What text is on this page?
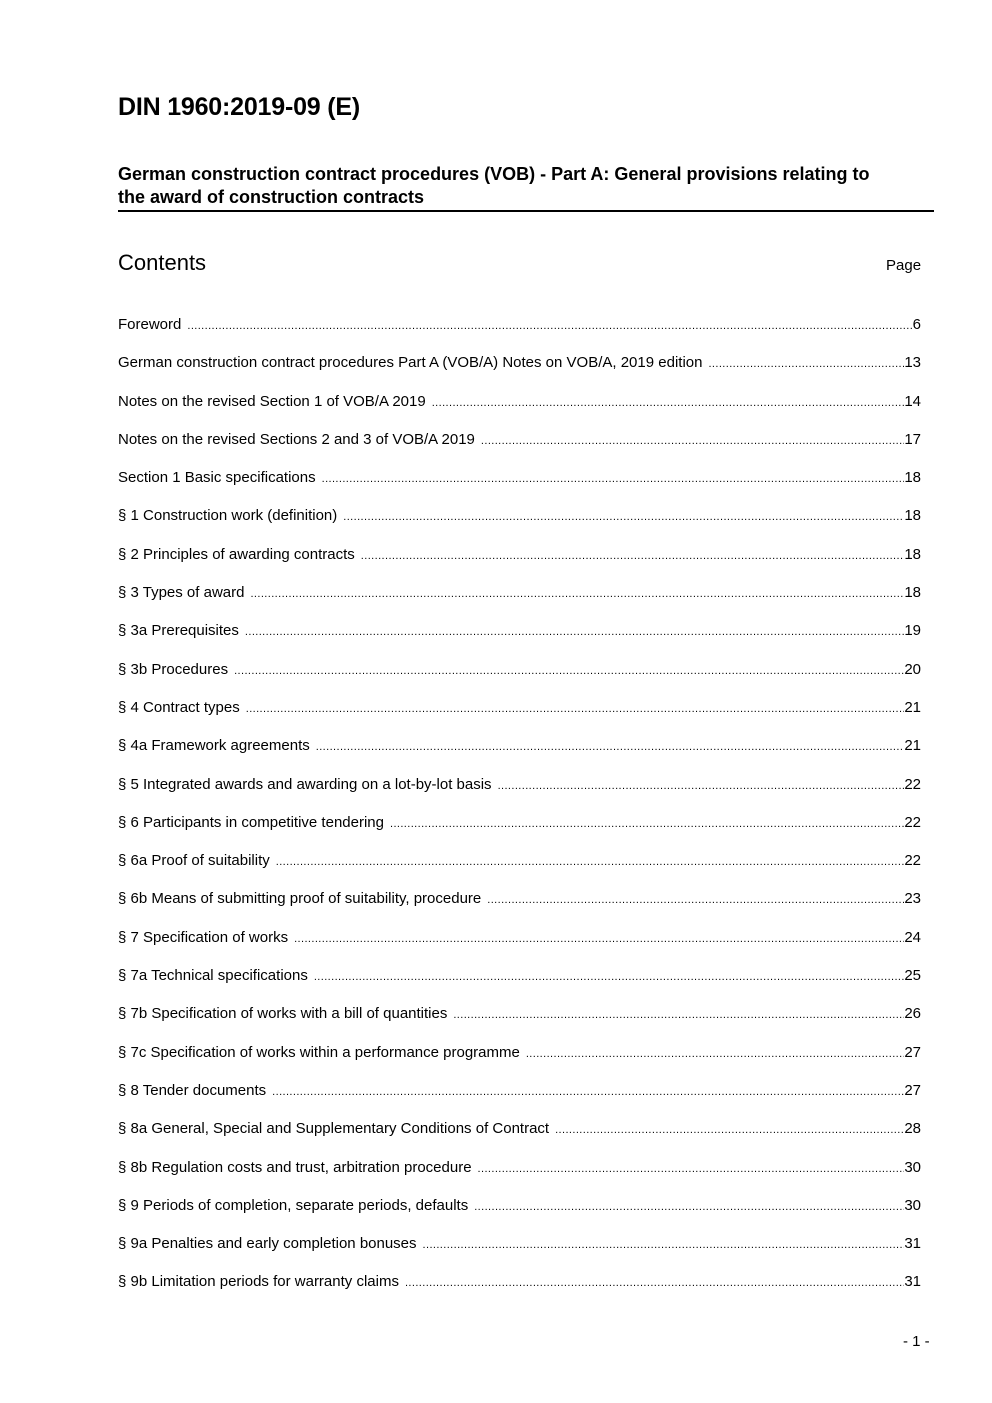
DIN 1960:2019-09 (E)
German construction contract procedures (VOB) - Part A: General provisions relating to the award of construction contracts
Contents	Page
Foreword .....	6
German construction contract procedures Part A (VOB/A) Notes on VOB/A, 2019 edition .....	13
Notes on the revised Section 1 of VOB/A 2019 .....	14
Notes on the revised Sections 2 and 3 of VOB/A 2019 .....	17
Section 1 Basic specifications .....	18
§ 1 Construction work (definition) .....	18
§ 2 Principles of awarding contracts .....	18
§ 3 Types of award .....	18
§ 3a Prerequisites .....	19
§ 3b Procedures .....	20
§ 4 Contract types .....	21
§ 4a Framework agreements .....	21
§ 5 Integrated awards and awarding on a lot-by-lot basis .....	22
§ 6 Participants in competitive tendering .....	22
§ 6a Proof of suitability .....	22
§ 6b Means of submitting proof of suitability, procedure .....	23
§ 7 Specification of works .....	24
§ 7a Technical specifications .....	25
§ 7b Specification of works with a bill of quantities .....	26
§ 7c Specification of works within a performance programme .....	27
§ 8 Tender documents .....	27
§ 8a General, Special and Supplementary Conditions of Contract .....	28
§ 8b Regulation costs and trust, arbitration procedure .....	30
§ 9 Periods of completion, separate periods, defaults .....	30
§ 9a Penalties and early completion bonuses .....	31
§ 9b Limitation periods for warranty claims .....	31
- 1 -
